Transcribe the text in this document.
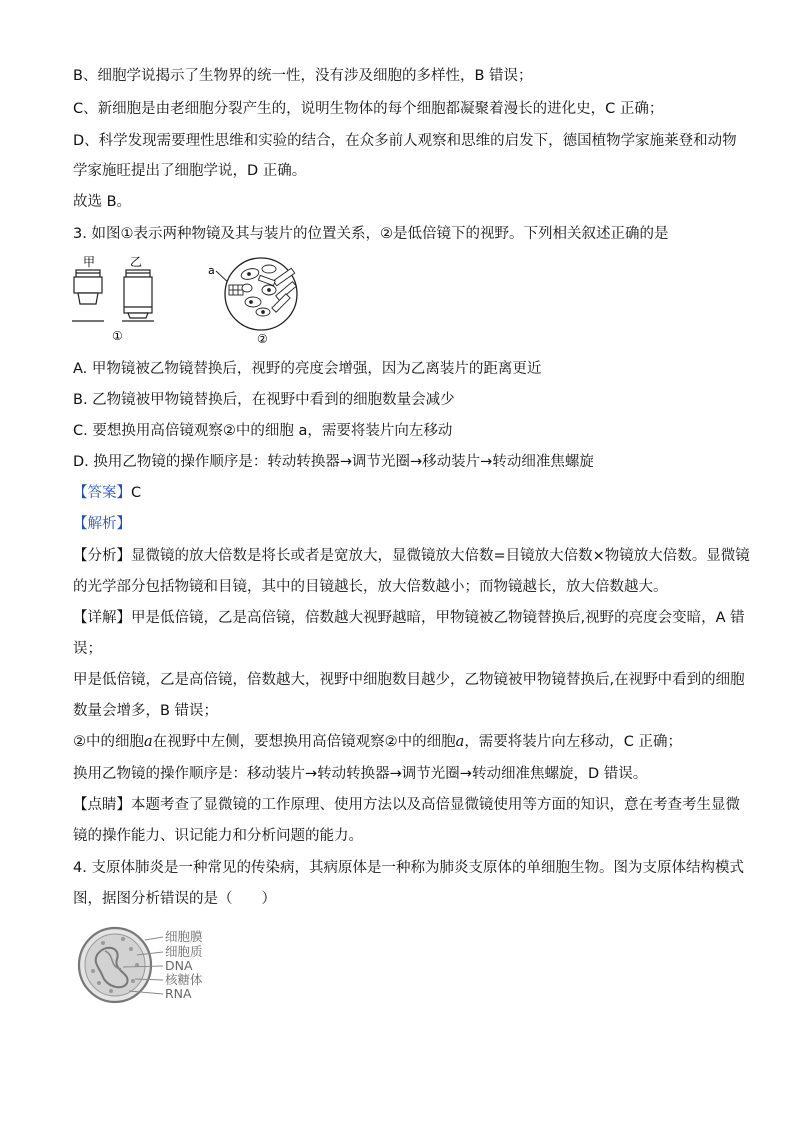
B、细胞学说揭示了生物界的统一性，没有涉及细胞的多样性，B 错误；
C、新细胞是由老细胞分裂产生的，说明生物体的每个细胞都凝聚着漫长的进化史，C 正确；
D、科学发现需要理性思维和实验的结合，在众多前人观察和思维的启发下，德国植物学家施莱登和动物
学家施旺提出了细胞学说，D 正确。
故选 B。
3. 如图①表示两种物镜及其与装片的位置关系，②是低倍镜下的视野。下列相关叙述正确的是
甲	乙
①
a
②
A. 甲物镜被乙物镜替换后，视野的亮度会增强，因为乙离装片的距离更近
B. 乙物镜被甲物镜替换后，在视野中看到的细胞数量会减少
C. 要想换用高倍镜观察②中的细胞 a，需要将装片向左移动
D. 换用乙物镜的操作顺序是：转动转换器→调节光圈→移动装片→转动细准焦螺旋
【答案】C
【解析】
【分析】显微镜的放大倍数是将长或者是宽放大，显微镜放大倍数=目镜放大倍数×物镜放大倍数。显微镜
的光学部分包括物镜和目镜，其中的目镜越长，放大倍数越小；而物镜越长，放大倍数越大。
【详解】甲是低倍镜，乙是高倍镜，倍数越大视野越暗，甲物镜被乙物镜替换后,视野的亮度会变暗，A 错
误；
甲是低倍镜，乙是高倍镜，倍数越大，视野中细胞数目越少，乙物镜被甲物镜替换后,在视野中看到的细胞
数量会增多，B 错误；
②中的细胞a在视野中左侧，要想换用高倍镜观察②中的细胞a，需要将装片向左移动，C 正确；
换用乙物镜的操作顺序是：移动装片→转动转换器→调节光圈→转动细准焦螺旋，D 错误。
【点睛】本题考查了显微镜的工作原理、使用方法以及高倍显微镜使用等方面的知识，意在考查考生显微
镜的操作能力、识记能力和分析问题的能力。
4. 支原体肺炎是一种常见的传染病，其病原体是一种称为肺炎支原体的单细胞生物。图为支原体结构模式
图，据图分析错误的是（　　）
细胞膜
细胞质
DNA
核糖体
RNA
